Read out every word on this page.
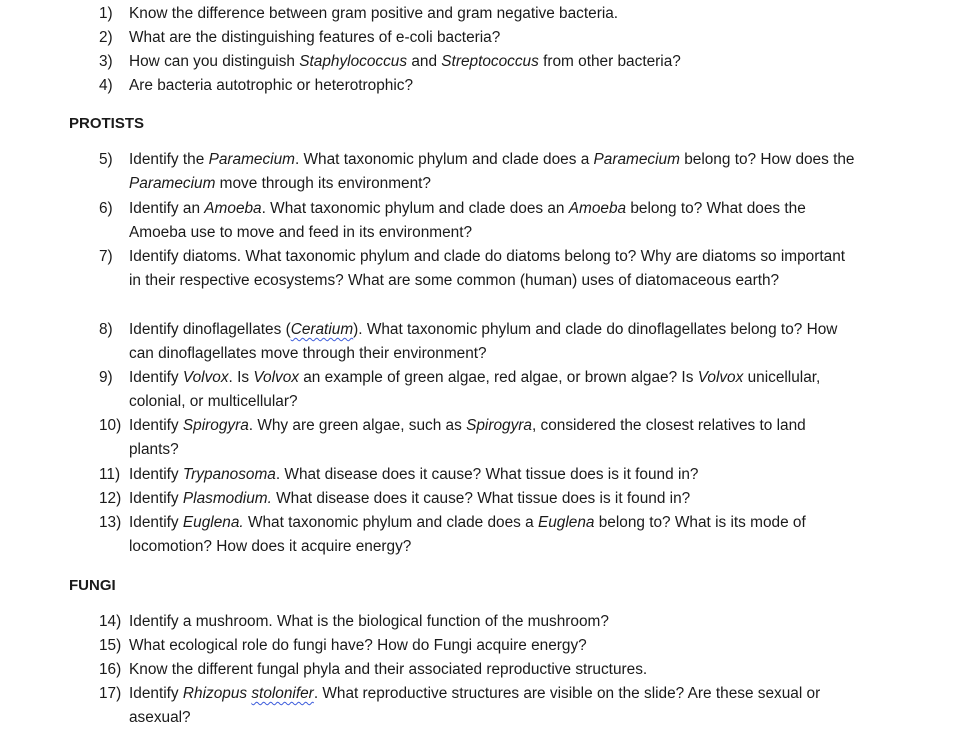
1)	Know the difference between gram positive and gram negative bacteria.
2)	What are the distinguishing features of e-coli bacteria?
3)	How can you distinguish Staphylococcus and Streptococcus from other bacteria?
4)	Are bacteria autotrophic or heterotrophic?
PROTISTS
5)	Identify the Paramecium. What taxonomic phylum and clade does a Paramecium belong to? How does the Paramecium move through its environment?
6)	Identify an Amoeba. What taxonomic phylum and clade does an Amoeba belong to? What does the Amoeba use to move and feed in its environment?
7)	Identify diatoms. What taxonomic phylum and clade do diatoms belong to? Why are diatoms so important in their respective ecosystems? What are some common (human) uses of diatomaceous earth?
8)	Identify dinoflagellates (Ceratium). What taxonomic phylum and clade do dinoflagellates belong to? How can dinoflagellates move through their environment?
9)	Identify Volvox. Is Volvox an example of green algae, red algae, or brown algae? Is Volvox unicellular, colonial, or multicellular?
10) Identify Spirogyra. Why are green algae, such as Spirogyra, considered the closest relatives to land plants?
11) Identify Trypanosoma. What disease does it cause? What tissue does is it found in?
12) Identify Plasmodium. What disease does it cause? What tissue does is it found in?
13) Identify Euglena. What taxonomic phylum and clade does a Euglena belong to? What is its mode of locomotion? How does it acquire energy?
FUNGI
14) Identify a mushroom. What is the biological function of the mushroom?
15) What ecological role do fungi have? How do Fungi acquire energy?
16) Know the different fungal phyla and their associated reproductive structures.
17) Identify Rhizopus stolonifer. What reproductive structures are visible on the slide? Are these sexual or asexual?
